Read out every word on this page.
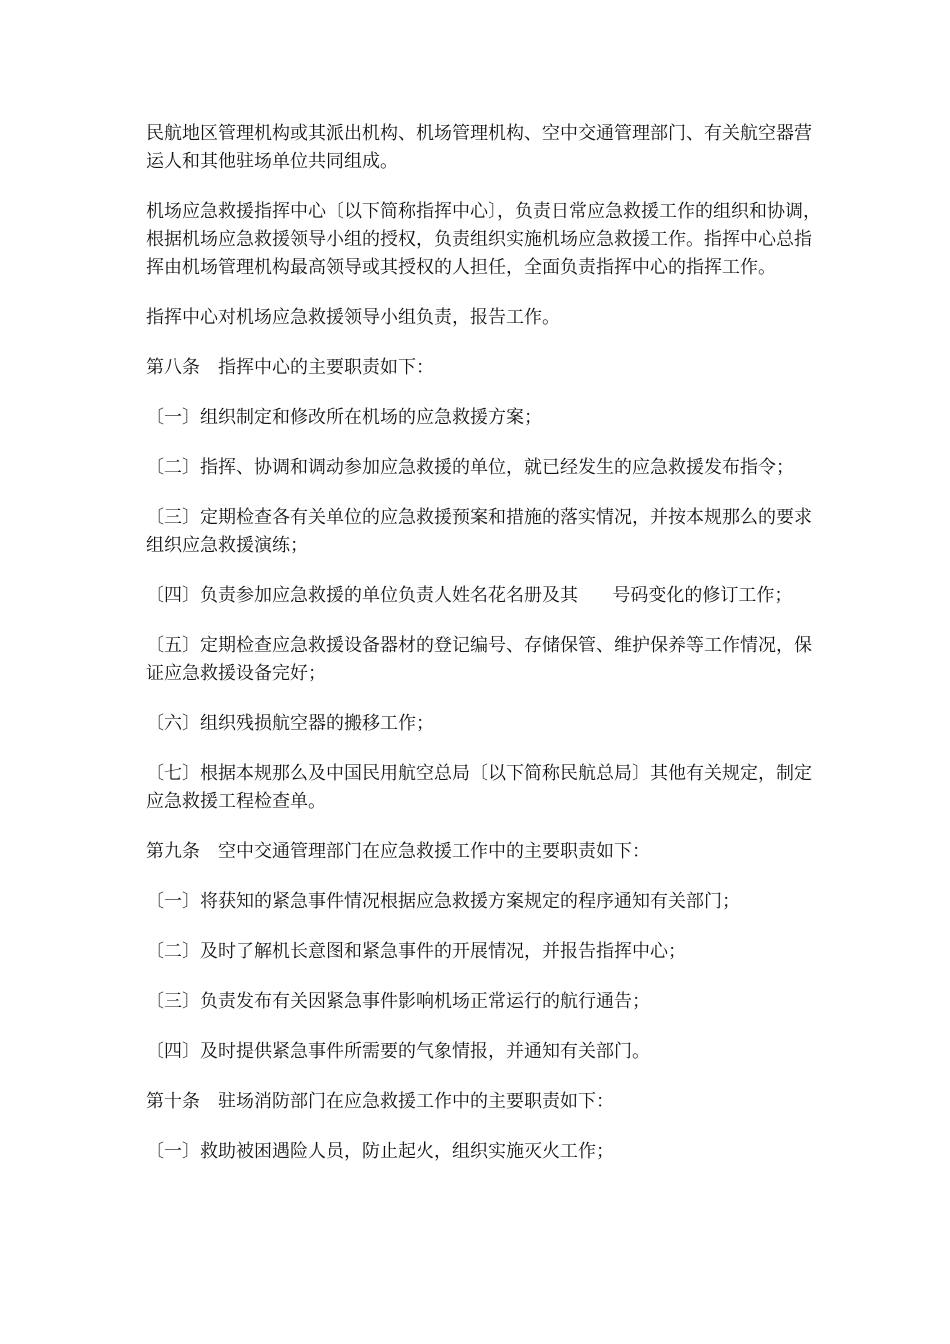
民航地区管理机构或其派出机构、机场管理机构、空中交通管理部门、有关航空器营运人和其他驻场单位共同组成。

机场应急救援指挥中心〔以下简称指挥中心〕，负责日常应急救援工作的组织和协调，根据机场应急救援领导小组的授权，负责组织实施机场应急救援工作。指挥中心总指挥由机场管理机构最高领导或其授权的人担任，全面负责指挥中心的指挥工作。

指挥中心对机场应急救援领导小组负责，报告工作。

第八条 指挥中心的主要职责如下：

〔一〕组织制定和修改所在机场的应急救援方案；

〔二〕指挥、协调和调动参加应急救援的单位，就已经发生的应急救援发布指令；

〔三〕定期检查各有关单位的应急救援预案和措施的落实情况，并按本规那么的要求组织应急救援演练；

〔四〕负责参加应急救援的单位负责人姓名花名册及其      号码变化的修订工作；

〔五〕定期检查应急救援设备器材的登记编号、存储保管、维护保养等工作情况，保证应急救援设备完好；

〔六〕组织残损航空器的搬移工作；

〔七〕根据本规那么及中国民用航空总局〔以下简称民航总局〕其他有关规定，制定应急救援工程检查单。

第九条 空中交通管理部门在应急救援工作中的主要职责如下：

〔一〕将获知的紧急事件情况根据应急救援方案规定的程序通知有关部门；

〔二〕及时了解机长意图和紧急事件的开展情况，并报告指挥中心；

〔三〕负责发布有关因紧急事件影响机场正常运行的航行通告；

〔四〕及时提供紧急事件所需要的气象情报，并通知有关部门。

第十条 驻场消防部门在应急救援工作中的主要职责如下：

〔一〕救助被困遇险人员，防止起火，组织实施灭火工作；
